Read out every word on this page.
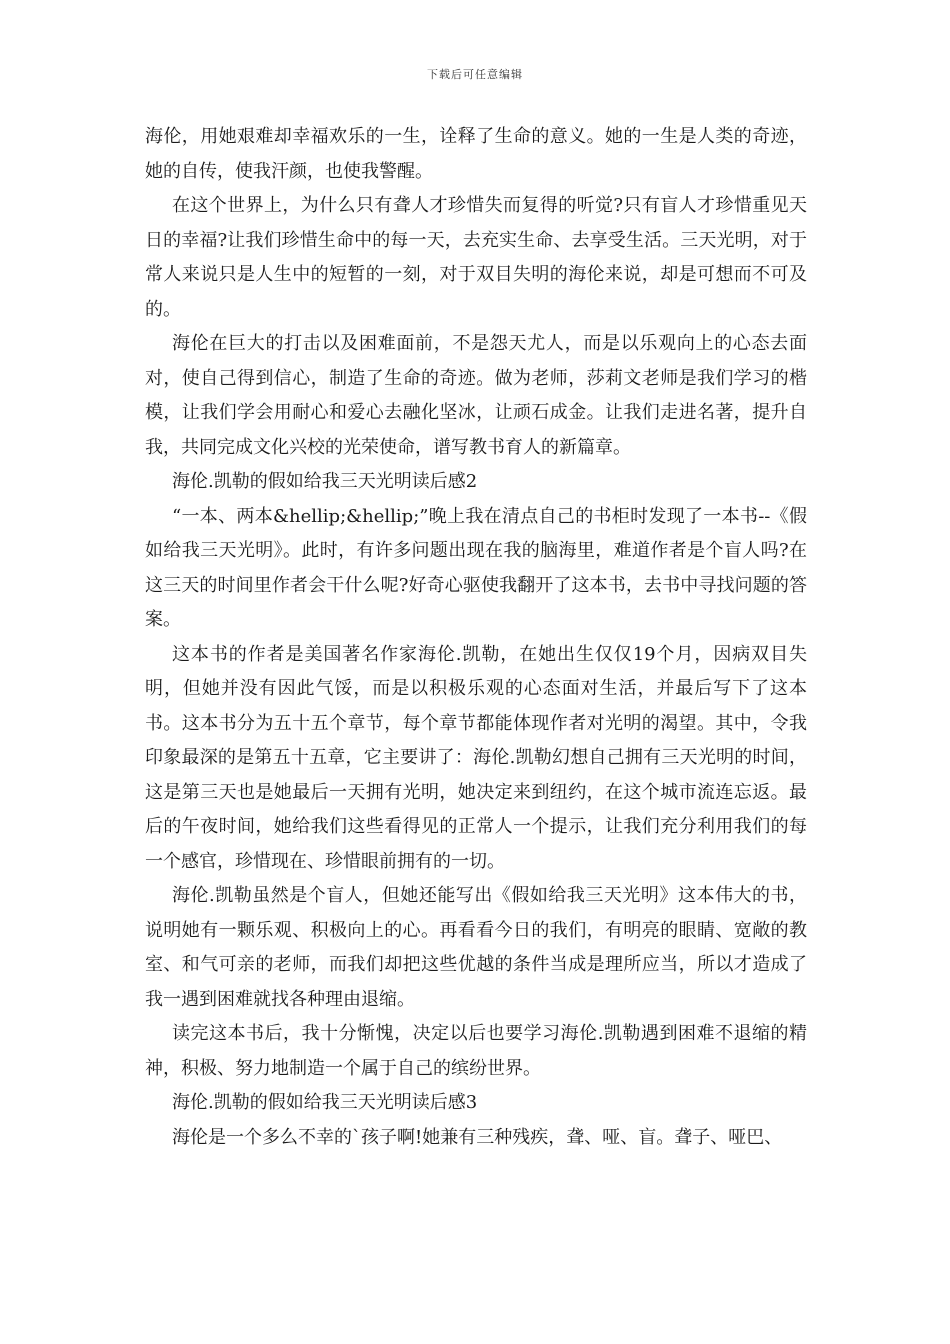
下载后可任意编辑

海伦，用她艰难却幸福欢乐的一生，诠释了生命的意义。她的一生是人类的奇迹，她的自传，使我汗颜，也使我警醒。

在这个世界上，为什么只有聋人才珍惜失而复得的听觉?只有盲人才珍惜重见天日的幸福?让我们珍惜生命中的每一天，去充实生命、去享受生活。三天光明，对于常人来说只是人生中的短暂的一刻，对于双目失明的海伦来说，却是可想而不可及的。

海伦在巨大的打击以及困难面前，不是怨天尤人，而是以乐观向上的心态去面对，使自己得到信心，制造了生命的奇迹。做为老师，莎莉文老师是我们学习的楷模，让我们学会用耐心和爱心去融化坚冰，让顽石成金。让我们走进名著，提升自我，共同完成文化兴校的光荣使命，谱写教书育人的新篇章。

海伦.凯勒的假如给我三天光明读后感2

“一本、两本&hellip;&hellip;”晚上我在清点自己的书柜时发现了一本书--《假如给我三天光明》。此时，有许多问题出现在我的脑海里，难道作者是个盲人吗?在这三天的时间里作者会干什么呢?好奇心驱使我翻开了这本书，去书中寻找问题的答案。

这本书的作者是美国著名作家海伦.凯勒，在她出生仅仅19个月，因病双目失明，但她并没有因此气馁，而是以积极乐观的心态面对生活，并最后写下了这本书。这本书分为五十五个章节，每个章节都能体现作者对光明的渴望。其中，令我印象最深的是第五十五章，它主要讲了：海伦.凯勒幻想自己拥有三天光明的时间，这是第三天也是她最后一天拥有光明，她决定来到纽约，在这个城市流连忘返。最后的午夜时间，她给我们这些看得见的正常人一个提示，让我们充分利用我们的每一个感官，珍惜现在、珍惜眼前拥有的一切。

海伦.凯勒虽然是个盲人，但她还能写出《假如给我三天光明》这本伟大的书，说明她有一颗乐观、积极向上的心。再看看今日的我们，有明亮的眼睛、宽敞的教室、和气可亲的老师，而我们却把这些优越的条件当成是理所应当，所以才造成了我一遇到困难就找各种理由退缩。

读完这本书后，我十分惭愧，决定以后也要学习海伦.凯勒遇到困难不退缩的精神，积极、努力地制造一个属于自己的缤纷世界。

海伦.凯勒的假如给我三天光明读后感3

海伦是一个多么不幸的`孩子啊!她兼有三种残疾，聋、哑、盲。聋子、哑巴、
